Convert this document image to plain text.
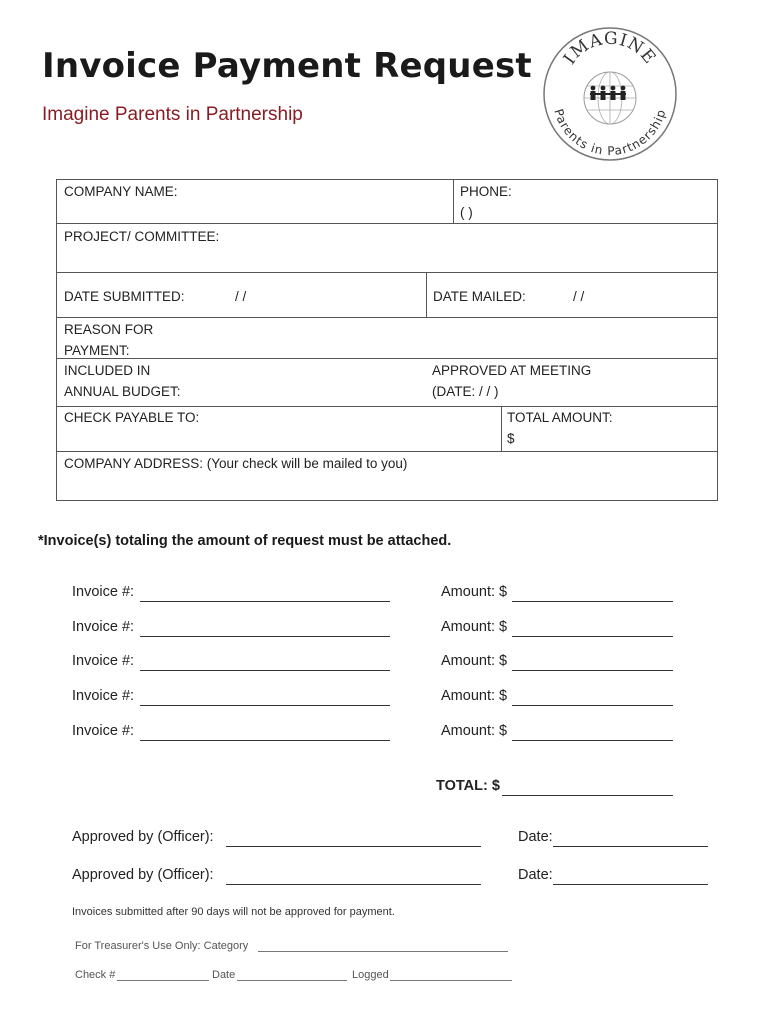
Invoice Payment Request
Imagine Parents in Partnership
IMAGINE
Parents in Partnership
COMPANY NAME:	PHONE:
( )
PROJECT/ COMMITTEE:
DATE SUBMITTED:	/ /	DATE MAILED:	/ /
REASON FOR
PAYMENT:
INCLUDED IN
ANNUAL BUDGET:
APPROVED AT MEETING
(DATE: / / )
CHECK PAYABLE TO:	TOTAL AMOUNT:
$
COMPANY ADDRESS: (Your check will be mailed to you)
*Invoice(s) totaling the amount of request must be attached.
Invoice #:	Amount: $
Invoice #:	Amount: $
Invoice #:	Amount: $
Invoice #:	Amount: $
Invoice #:	Amount: $
TOTAL: $
Approved by (Officer):	Date:
Approved by (Officer):	Date:
Invoices submitted after 90 days will not be approved for payment.
For Treasurer's Use Only: Category
Check #	Date	Logged
